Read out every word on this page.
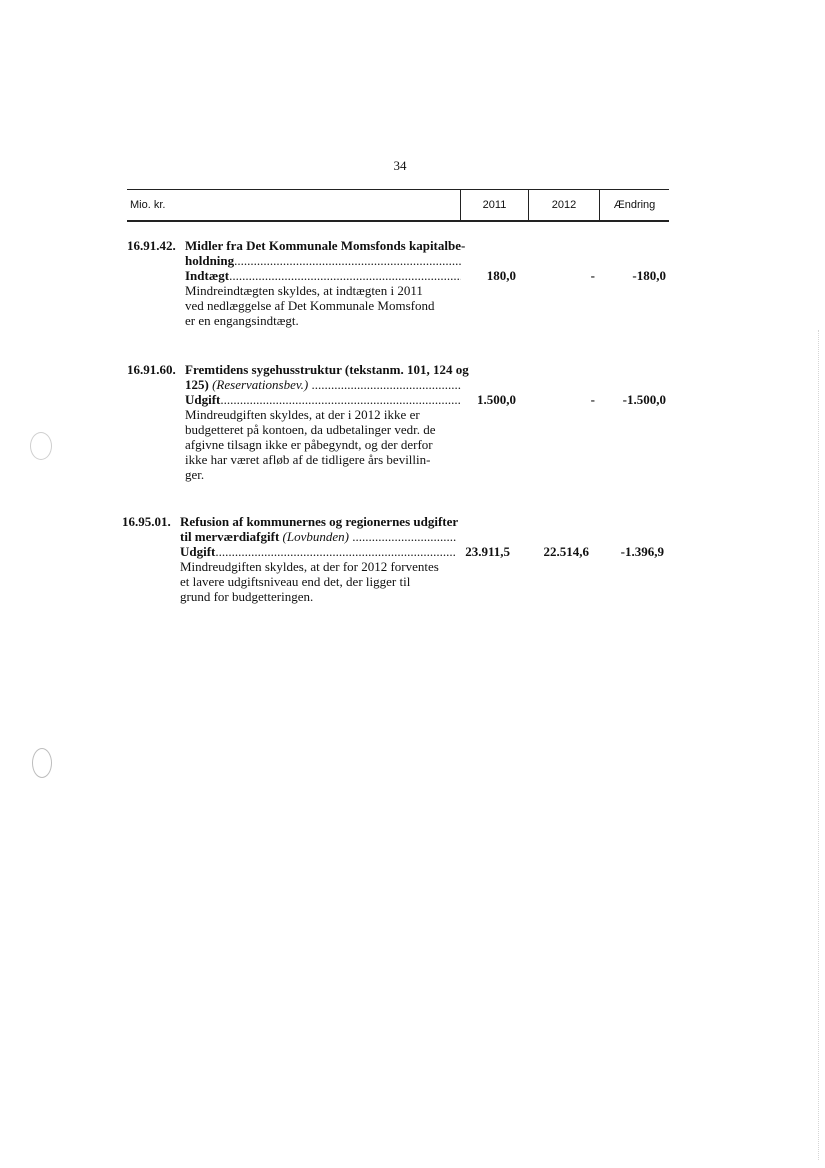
34
Mio. kr.	2011	2012	Ændring
16.91.42. Midler fra Det Kommunale Momsfonds kapitalbe-
holdning
.....
Indtægt .....	180,0	-	-180,0
Mindreindtægten skyldes, at indtægten i 2011
ved nedlæggelse af Det Kommunale Momsfond
er en engangsindtægt.
16.91.60. Fremtidens sygehusstruktur (tekstanm. 101, 124 og
125)
(Reservationsbev.)

.....
Udgift .....	1.500,0	-	-1.500,0
Mindreudgiften skyldes, at der i 2012 ikke er
budgetteret på kontoen, da udbetalinger vedr. de
afgivne tilsagn ikke er påbegyndt, og der derfor
ikke har været afløb af de tidligere års bevillin-
ger.
16.95.01. Refusion af kommunernes og regionernes udgifter
til merværdiafgift
(Lovbunden)

.....
Udgift .....	23.911,5	22.514,6	-1.396,9
Mindreudgiften skyldes, at der for 2012 forventes
et lavere udgiftsniveau end det, der ligger til
grund for budgetteringen.
